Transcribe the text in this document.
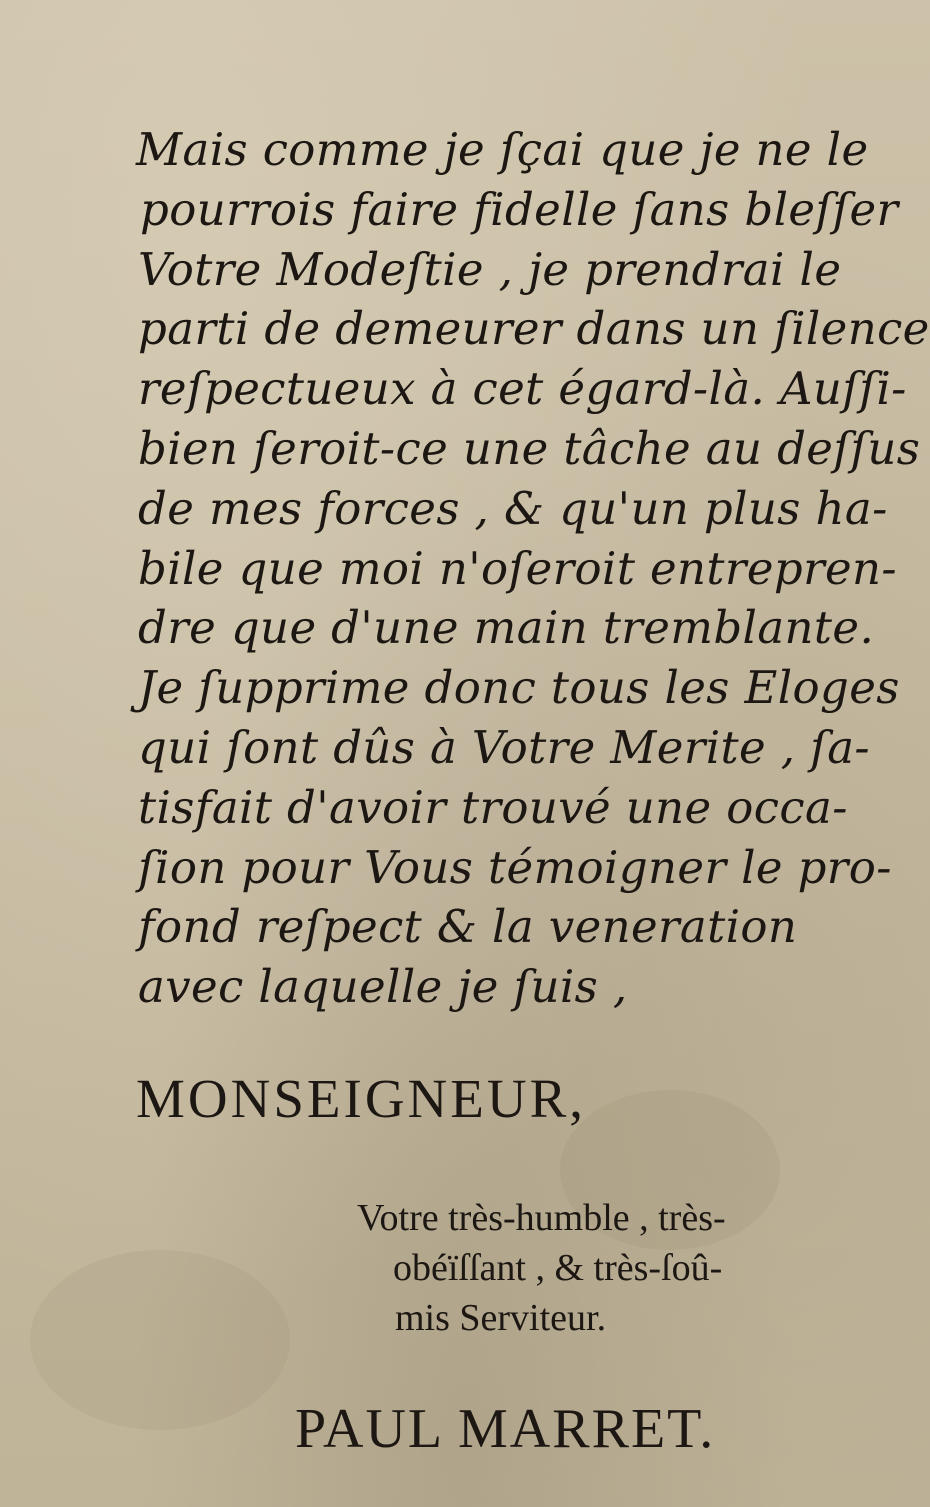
Mais comme je ſçai que je ne le
pourrois faire fidelle ſans bleſſer
Votre Modeſtie , je prendrai le
parti de demeurer dans un ſilence
reſpectueux à cet égard-là. Auſſi-
bien ſeroit-ce une tâche au deſſus
de mes forces , & qu'un plus ha-
bile que moi n'oſeroit entrepren-
dre que d'une main tremblante.
Je ſupprime donc tous les Eloges
qui ſont dûs à Votre Merite , ſa-
tisfait d'avoir trouvé une occa-
ſion pour Vous témoigner le pro-
fond reſpect & la veneration
avec laquelle je ſuis ,
MONSEIGNEUR,
Votre très-humble , très-
obéïſſant , & très-ſoû-
mis Serviteur.
PAUL MARRET.
